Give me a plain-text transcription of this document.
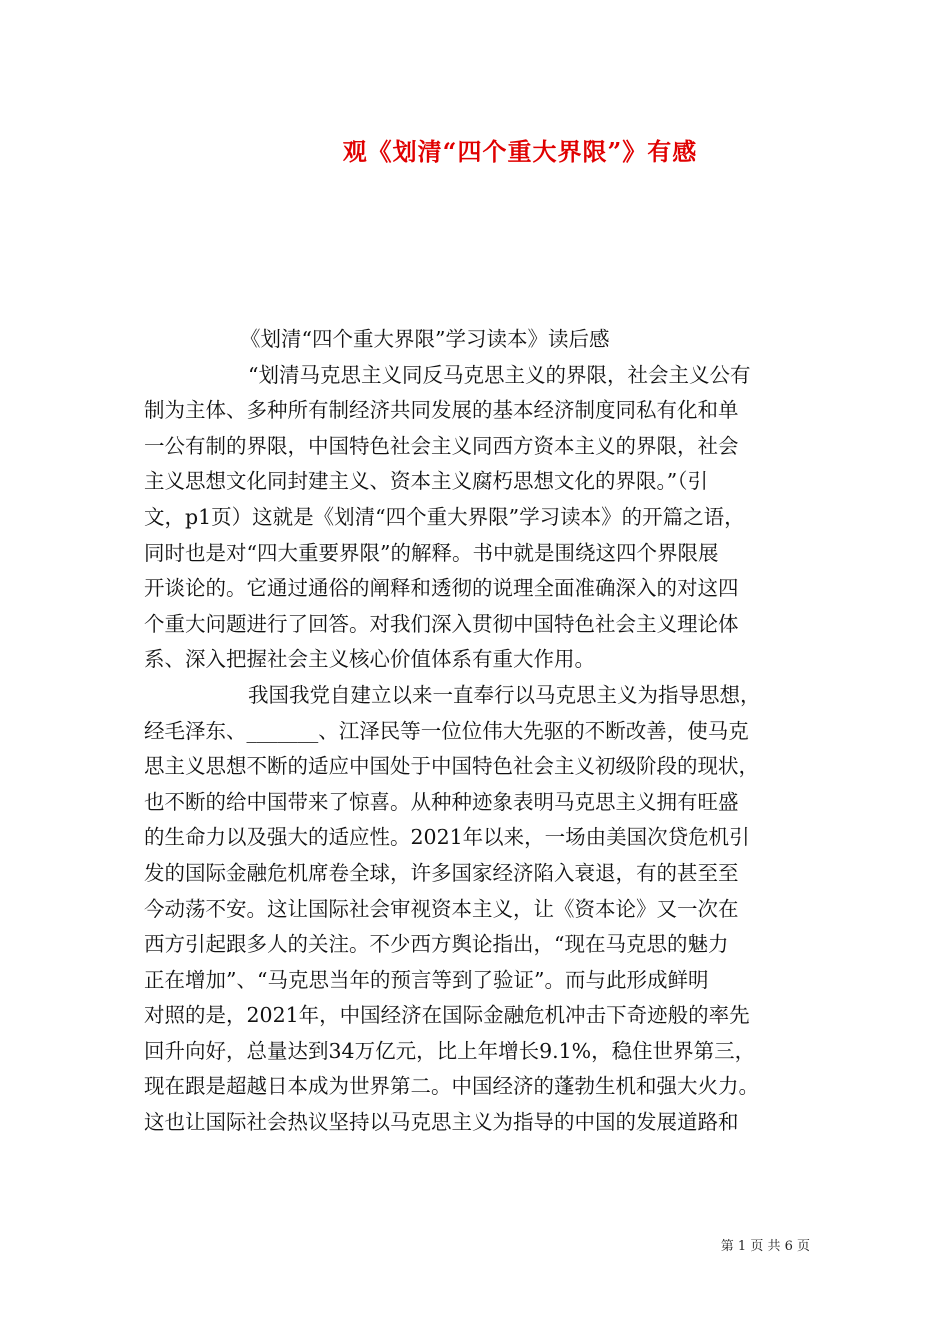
观《划清“四个重大界限”》有感
《划清“四个重大界限”学习读本》读后感
“划清马克思主义同反马克思主义的界限，社会主义公有
制为主体、多种所有制经济共同发展的基本经济制度同私有化和单
一公有制的界限，中国特色社会主义同西方资本主义的界限，社会
主义思想文化同封建主义、资本主义腐朽思想文化的界限。”（引
文，p1页）这就是《划清“四个重大界限”学习读本》的开篇之语，
同时也是对“四大重要界限”的解释。书中就是围绕这四个界限展
开谈论的。它通过通俗的阐释和透彻的说理全面准确深入的对这四
个重大问题进行了回答。对我们深入贯彻中国特色社会主义理论体
系、深入把握社会主义核心价值体系有重大作用。
我国我党自建立以来一直奉行以马克思主义为指导思想，
经毛泽东、_______、江泽民等一位位伟大先驱的不断改善，使马克
思主义思想不断的适应中国处于中国特色社会主义初级阶段的现状，
也不断的给中国带来了惊喜。从种种迹象表明马克思主义拥有旺盛
的生命力以及强大的适应性。2021年以来，一场由美国次贷危机引
发的国际金融危机席卷全球，许多国家经济陷入衰退，有的甚至至
今动荡不安。这让国际社会审视资本主义，让《资本论》又一次在
西方引起跟多人的关注。不少西方舆论指出，“现在马克思的魅力
正在增加”、“马克思当年的预言等到了验证”。而与此形成鲜明
对照的是，2021年，中国经济在国际金融危机冲击下奇迹般的率先
回升向好，总量达到34万亿元，比上年增长9.1%，稳住世界第三，
现在跟是超越日本成为世界第二。中国经济的蓬勃生机和强大火力。
这也让国际社会热议坚持以马克思主义为指导的中国的发展道路和
第 1 页 共 6 页
